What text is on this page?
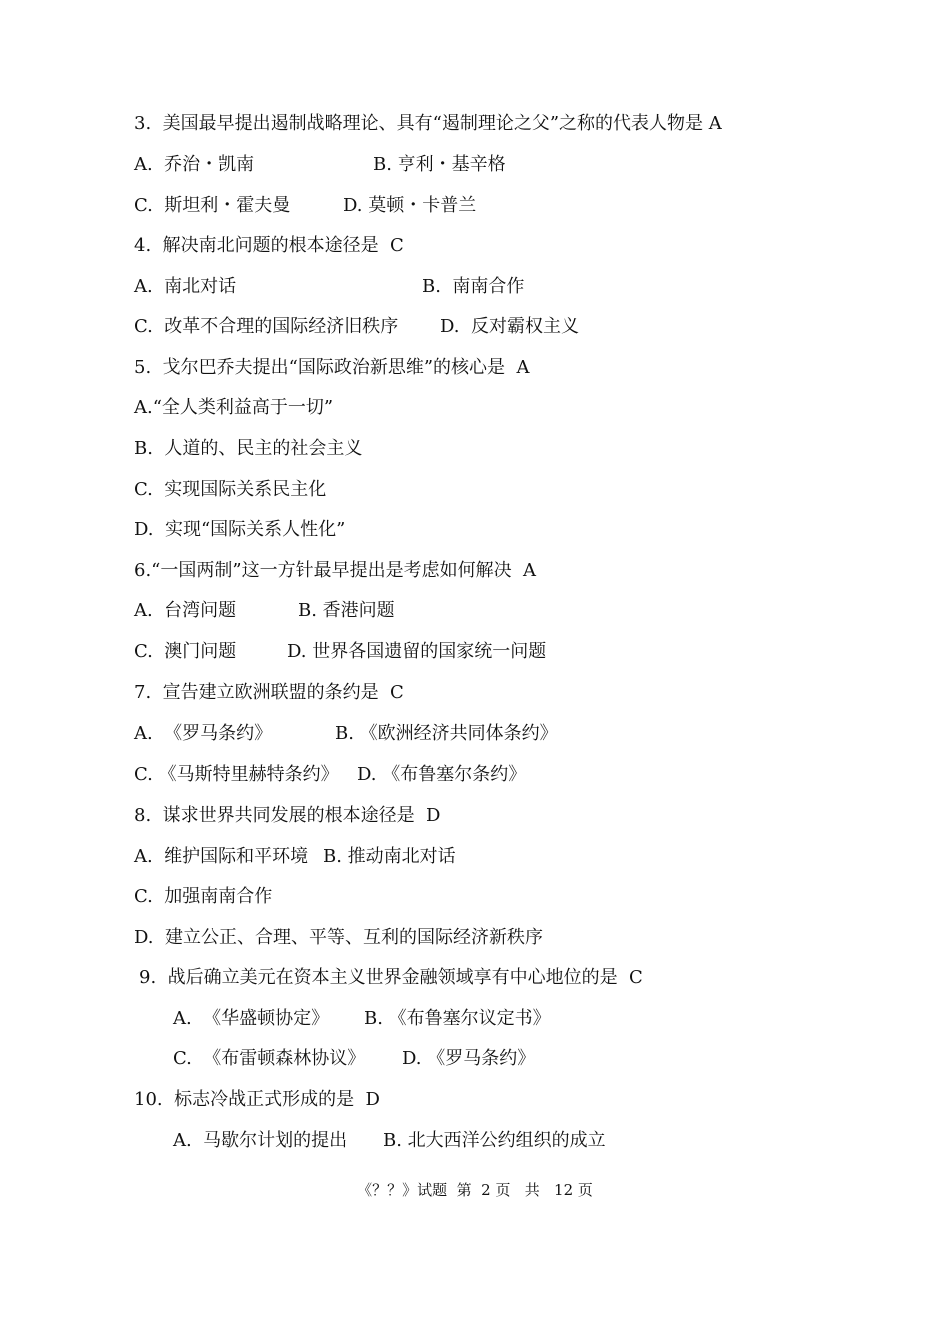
3.  美国最早提出遏制战略理论、具有“遏制理论之父”之称的代表人物是 A
A.  乔治・凯南	B. 亨利・基辛格
C.  斯坦利・霍夫曼	D. 莫顿・卡普兰
4.  解决南北问题的根本途径是  C
A.  南北对话	B.  南南合作
C.  改革不合理的国际经济旧秩序 D.  反对霸权主义
5.  戈尔巴乔夫提出“国际政治新思维”的核心是  A
A.“全人类利益高于一切”
B.  人道的、民主的社会主义
C.  实现国际关系民主化
D.  实现“国际关系人性化”
6.“一国两制”这一方针最早提出是考虑如何解决  A
A.  台湾问题	B. 香港问题
C.  澳门问题	D. 世界各国遗留的国家统一问题
7.  宣告建立欧洲联盟的条约是  C
A.  《罗马条约》	B. 《欧洲经济共同体条约》
C. 《马斯特里赫特条约》 D. 《布鲁塞尔条约》
8.  谋求世界共同发展的根本途径是  D
A.  维护国际和平环境 B. 推动南北对话
C.  加强南南合作
D.  建立公正、合理、平等、互利的国际经济新秩序
9.  战后确立美元在资本主义世界金融领域享有中心地位的是  C
A.  《华盛顿协定》 B. 《布鲁塞尔议定书》
C.  《布雷顿森林协议》 D. 《罗马条约》
10.  标志冷战正式形成的是  D
A.  马歇尔计划的提出 B. 北大西洋公约组织的成立
《？？》试题  第  2 页   共   12 页
